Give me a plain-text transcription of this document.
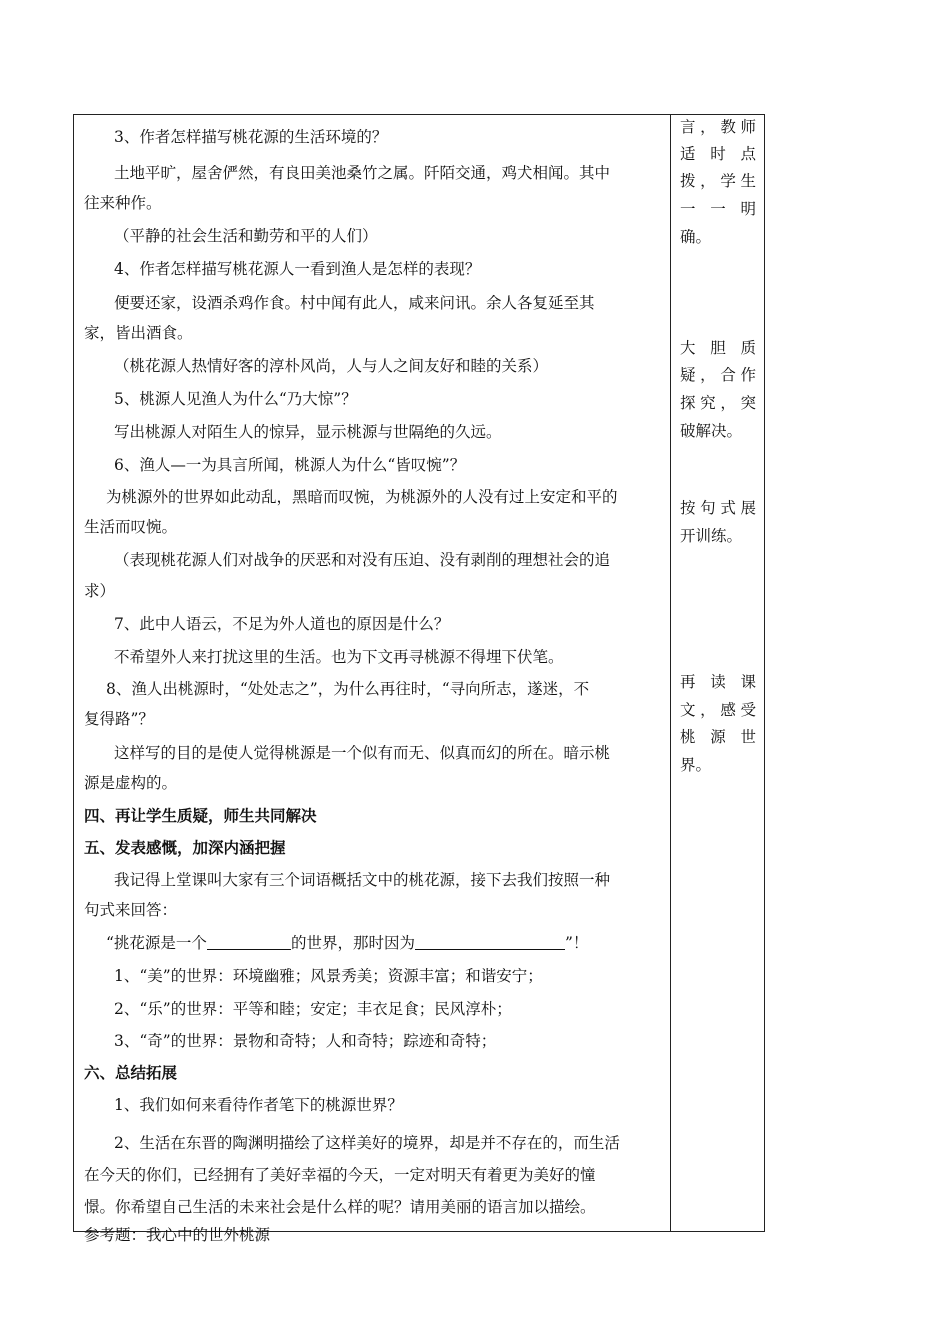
3、作者怎样描写桃花源的生活环境的？
土地平旷，屋舍俨然，有良田美池桑竹之属。阡陌交通，鸡犬相闻。其中
往来种作。
（平静的社会生活和勤劳和平的人们）
4、作者怎样描写桃花源人一看到渔人是怎样的表现？
便要还家，设酒杀鸡作食。村中闻有此人，咸来问讯。余人各复延至其
家，皆出酒食。
（桃花源人热情好客的淳朴风尚，人与人之间友好和睦的关系）
5、桃源人见渔人为什么“乃大惊”？
写出桃源人对陌生人的惊异，显示桃源与世隔绝的久远。
6、渔人—一为具言所闻，桃源人为什么“皆叹惋”？
为桃源外的世界如此动乱，黑暗而叹惋，为桃源外的人没有过上安定和平的
生活而叹惋。
（表现桃花源人们对战争的厌恶和对没有压迫、没有剥削的理想社会的追
求）
7、此中人语云，不足为外人道也的原因是什么？
不希望外人来打扰这里的生活。也为下文再寻桃源不得埋下伏笔。
8、渔人出桃源时，“处处志之”，为什么再往时，“寻向所志，遂迷，不
复得路”？
这样写的目的是使人觉得桃源是一个似有而无、似真而幻的所在。暗示桃
源是虚构的。
四、再让学生质疑，师生共同解决
五、发表感慨，加深内涵把握
我记得上堂课叫大家有三个词语概括文中的桃花源，接下去我们按照一种
句式来回答：
“挑花源是一个	的世界，那时因为	”！
1、“美”的世界：环境幽雅；风景秀美；资源丰富；和谐安宁；
2、“乐”的世界：平等和睦；安定；丰衣足食；民风淳朴；
3、“奇”的世界：景物和奇特；人和奇特；踪迹和奇特；
六、总结拓展
1、我们如何来看待作者笔下的桃源世界？
2、生活在东晋的陶渊明描绘了这样美好的境界，却是并不存在的，而生活
在今天的你们，已经拥有了美好幸福的今天，一定对明天有着更为美好的憧
憬。你希望自己生活的未来社会是什么样的呢？请用美丽的语言加以描绘。
参考题：我心中的世外桃源
言，教师
适时点
拨，学生
一一明
确。
大胆质
疑，合作
探究，突
破解决。
按句式展
开训练。
再读课
文，感受
桃源世
界。
